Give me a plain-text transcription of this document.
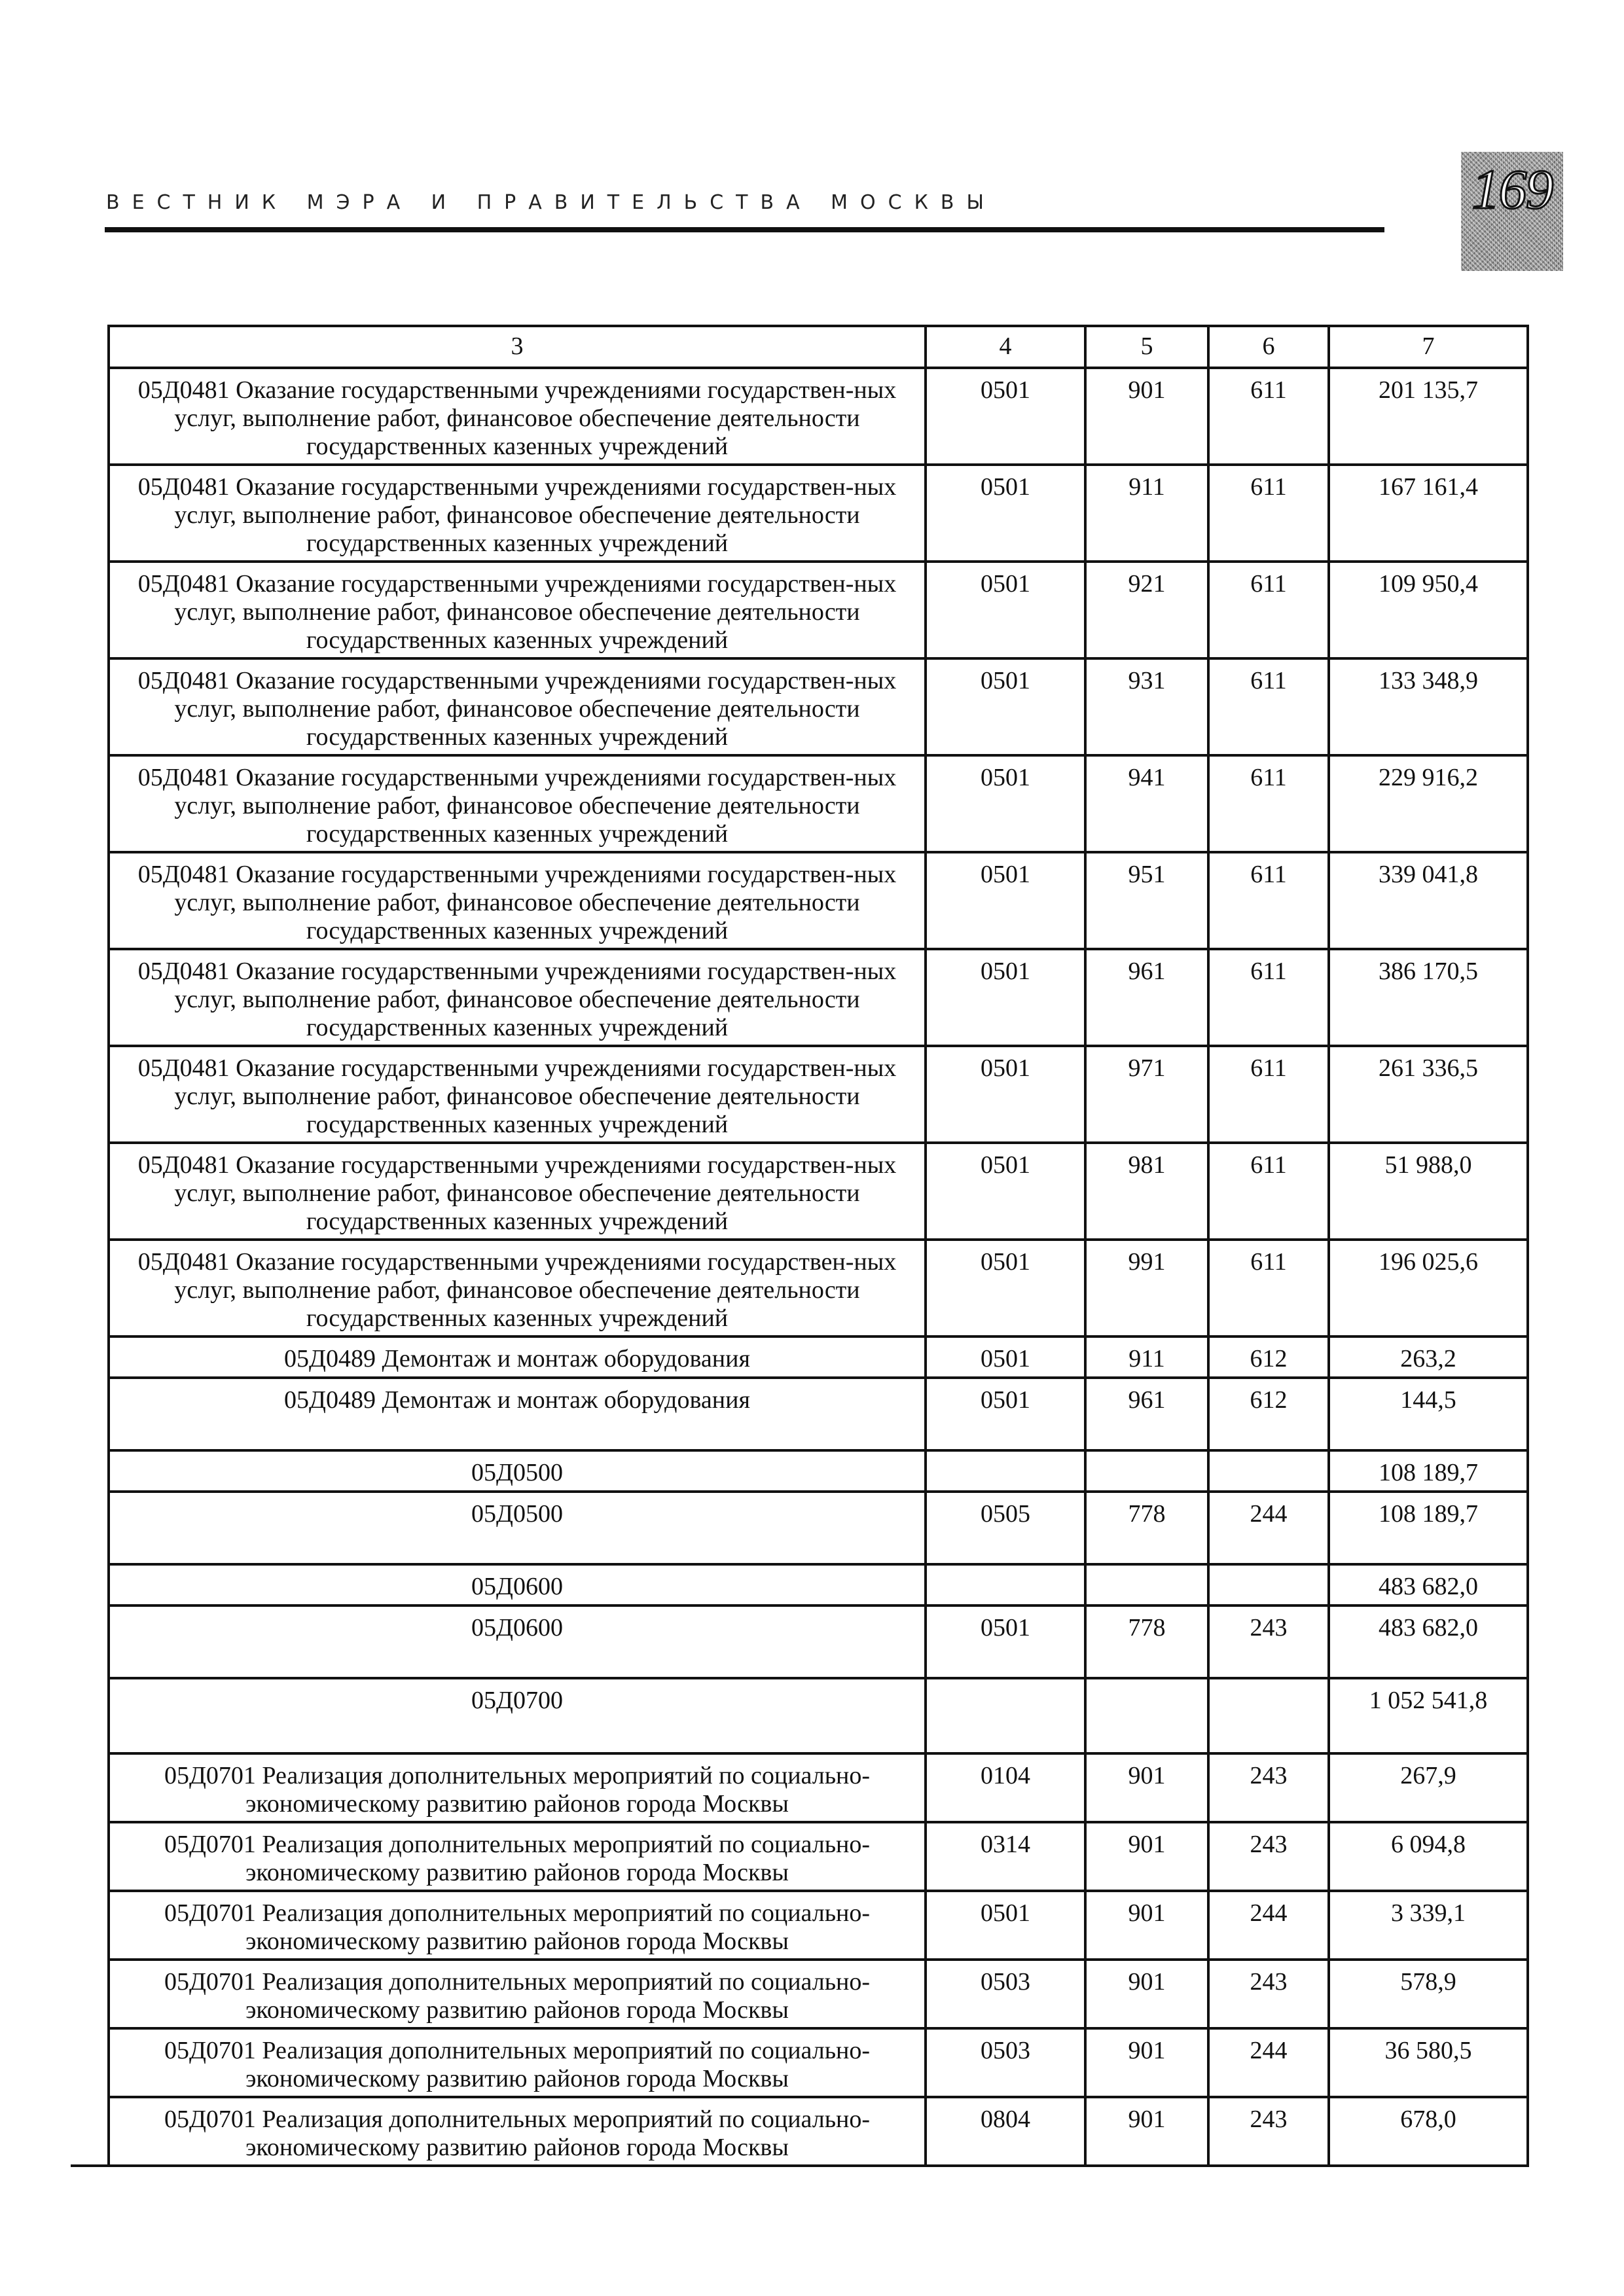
ВЕСТНИК МЭРА И ПРАВИТЕЛЬСТВА МОСКВЫ	169
	3	4	5	6	7
	05Д0481 Оказание государственными учреждениями государствен-ных услуг, выполнение работ, финансовое обеспечение деятельности государственных казенных учреждений	0501	901	611	201 135,7
	05Д0481 Оказание государственными учреждениями государствен-ных услуг, выполнение работ, финансовое обеспечение деятельности государственных казенных учреждений	0501	911	611	167 161,4
	05Д0481 Оказание государственными учреждениями государствен-ных услуг, выполнение работ, финансовое обеспечение деятельности государственных казенных учреждений	0501	921	611	109 950,4
	05Д0481 Оказание государственными учреждениями государствен-ных услуг, выполнение работ, финансовое обеспечение деятельности государственных казенных учреждений	0501	931	611	133 348,9
	05Д0481 Оказание государственными учреждениями государствен-ных услуг, выполнение работ, финансовое обеспечение деятельности государственных казенных учреждений	0501	941	611	229 916,2
	05Д0481 Оказание государственными учреждениями государствен-ных услуг, выполнение работ, финансовое обеспечение деятельности государственных казенных учреждений	0501	951	611	339 041,8
	05Д0481 Оказание государственными учреждениями государствен-ных услуг, выполнение работ, финансовое обеспечение деятельности государственных казенных учреждений	0501	961	611	386 170,5
	05Д0481 Оказание государственными учреждениями государствен-ных услуг, выполнение работ, финансовое обеспечение деятельности государственных казенных учреждений	0501	971	611	261 336,5
	05Д0481 Оказание государственными учреждениями государствен-ных услуг, выполнение работ, финансовое обеспечение деятельности государственных казенных учреждений	0501	981	611	51 988,0
	05Д0481 Оказание государственными учреждениями государствен-ных услуг, выполнение работ, финансовое обеспечение деятельности государственных казенных учреждений	0501	991	611	196 025,6
	05Д0489 Демонтаж и монтаж оборудования	0501	911	612	263,2
	05Д0489 Демонтаж и монтаж оборудования	0501	961	612	144,5
	05Д0500				108 189,7
	05Д0500	0505	778	244	108 189,7
	05Д0600				483 682,0
	05Д0600	0501	778	243	483 682,0
	05Д0700				1 052 541,8
	05Д0701 Реализация дополнительных мероприятий по социально-экономическому развитию районов города Москвы	0104	901	243	267,9
	05Д0701 Реализация дополнительных мероприятий по социально-экономическому развитию районов города Москвы	0314	901	243	6 094,8
	05Д0701 Реализация дополнительных мероприятий по социально-экономическому развитию районов города Москвы	0501	901	244	3 339,1
	05Д0701 Реализация дополнительных мероприятий по социально-экономическому развитию районов города Москвы	0503	901	243	578,9
	05Д0701 Реализация дополнительных мероприятий по социально-экономическому развитию районов города Москвы	0503	901	244	36 580,5
	05Д0701 Реализация дополнительных мероприятий по социально-экономическому развитию районов города Москвы	0804	901	243	678,0
